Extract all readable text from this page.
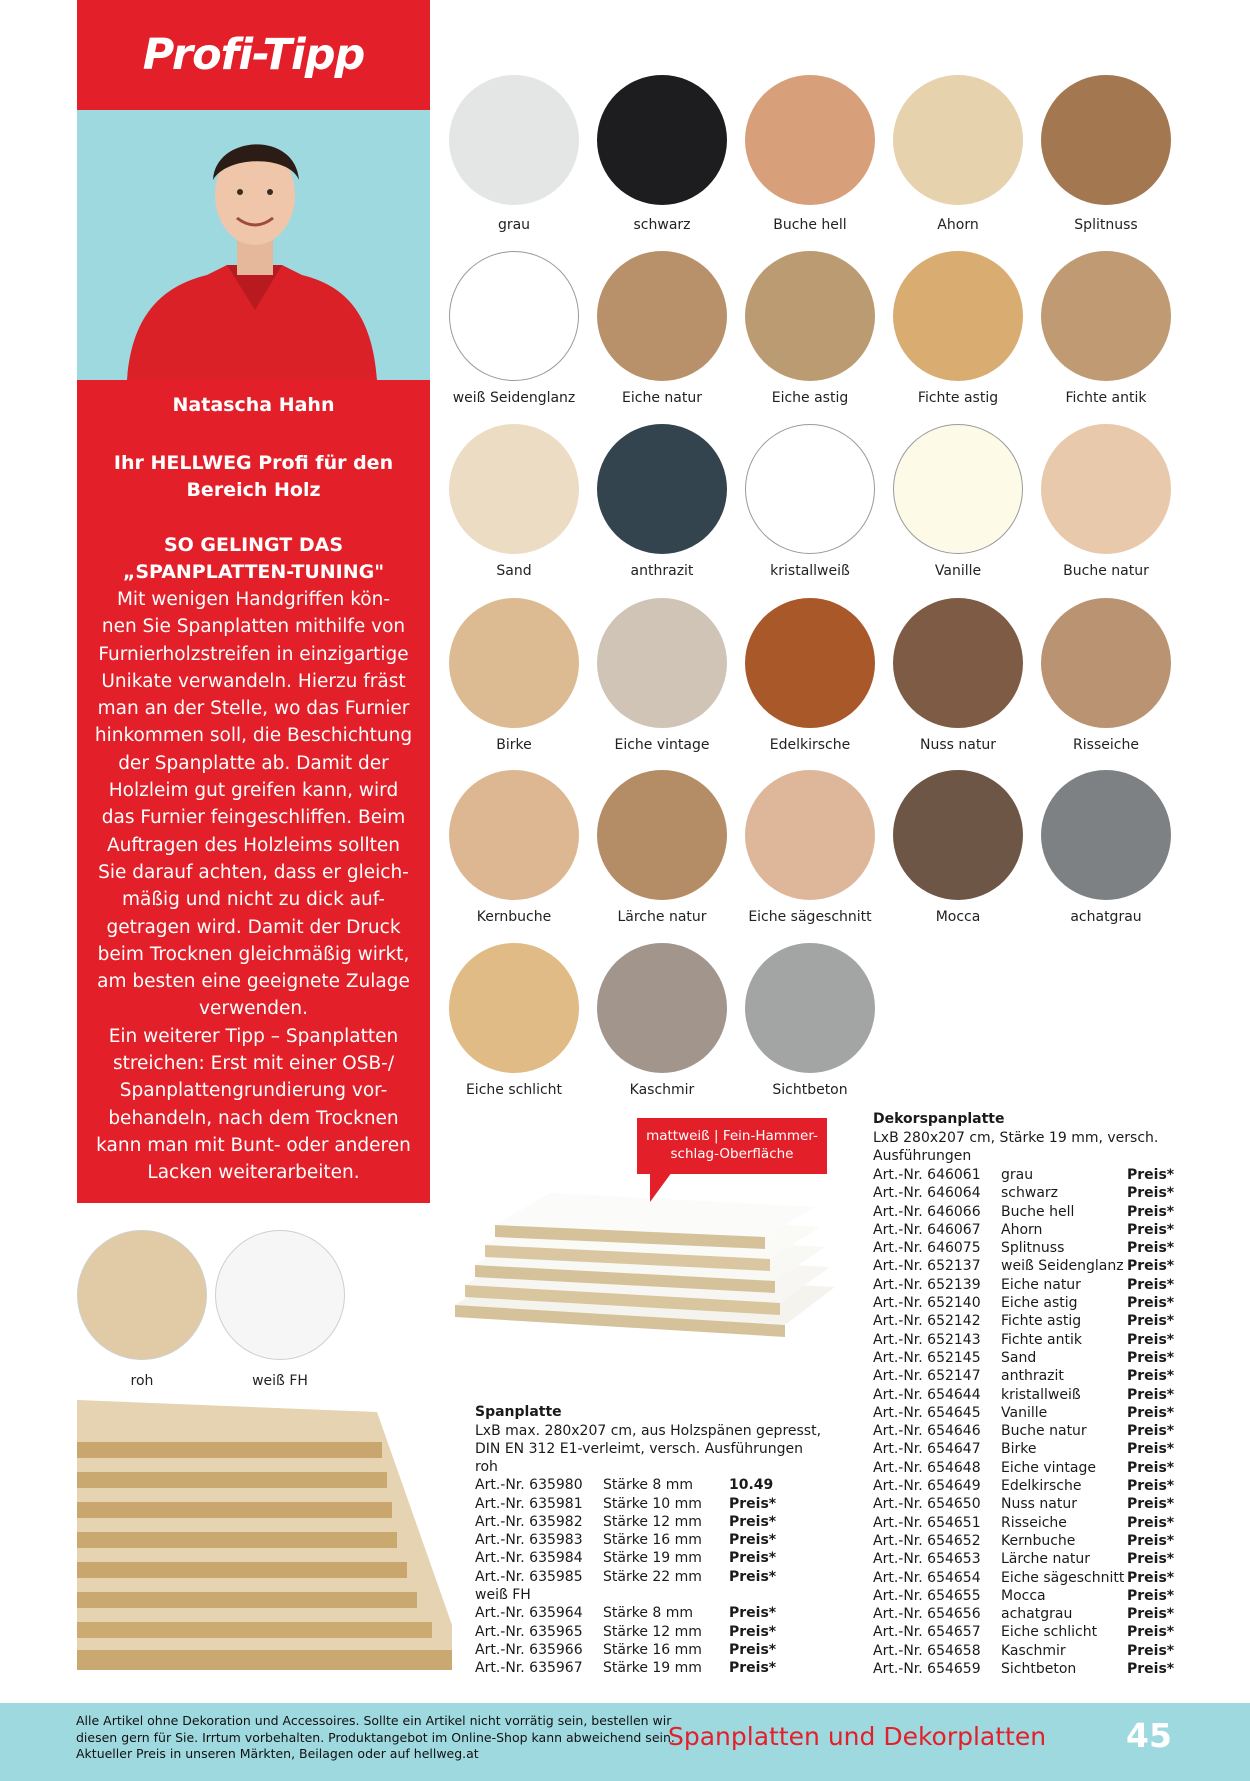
Profi-Tipp
Natascha Hahn
Ihr HELLWEG Profi für den
Bereich Holz
SO GELINGT DAS
„SPANPLATTEN-TUNING"
Mit wenigen Handgriffen kön-
nen Sie Spanplatten mithilfe von
Furnierholzstreifen in einzigartige
Unikate verwandeln. Hierzu fräst
man an der Stelle, wo das Furnier
hinkommen soll, die Beschichtung
der Spanplatte ab. Damit der
Holzleim gut greifen kann, wird
das Furnier feingeschliffen. Beim
Auftragen des Holzleims sollten
Sie darauf achten, dass er gleich-
mäßig und nicht zu dick auf-
getragen wird. Damit der Druck
beim Trocknen gleichmäßig wirkt,
am besten eine geeignete Zulage
verwenden.
Ein weiterer Tipp – Spanplatten
streichen: Erst mit einer OSB-/
Spanplattengrundierung vor-
behandeln, nach dem Trocknen
kann man mit Bunt- oder anderen
Lacken weiterarbeiten.
grau	schwarz	Buche hell	Ahorn	Splitnuss
weiß Seidenglanz	Eiche natur	Eiche astig	Fichte astig	Fichte antik
Sand	anthrazit	kristallweiß	Vanille	Buche natur
Birke	Eiche vintage	Edelkirsche	Nuss natur	Risseiche
Kernbuche	Lärche natur	Eiche sägeschnitt	Mocca	achatgrau
Eiche schlicht	Kaschmir	Sichtbeton
roh	weiß FH
mattweiß | Fein-Hammer-
schlag-Oberfläche
Spanplatte
LxB max. 280x207 cm, aus Holzspänen gepresst,
DIN EN 312 E1-verleimt, versch. Ausführungen
roh
Art.-Nr. 635980 Stärke 8 mm	10.49
Art.-Nr. 635981 Stärke 10 mm Preis*
Art.-Nr. 635982 Stärke 12 mm Preis*
Art.-Nr. 635983 Stärke 16 mm Preis*
Art.-Nr. 635984 Stärke 19 mm Preis*
Art.-Nr. 635985 Stärke 22 mm Preis*
weiß FH
Art.-Nr. 635964 Stärke 8 mm	Preis*
Art.-Nr. 635965 Stärke 12 mm Preis*
Art.-Nr. 635966 Stärke 16 mm Preis*
Art.-Nr. 635967 Stärke 19 mm Preis*
Dekorspanplatte
LxB 280x207 cm, Stärke 19 mm, versch.
Ausführungen
Art.-Nr. 646061 grau	Preis*
Art.-Nr. 646064 schwarz	Preis*
Art.-Nr. 646066 Buche hell	Preis*
Art.-Nr. 646067 Ahorn	Preis*
Art.-Nr. 646075 Splitnuss	Preis*
Art.-Nr. 652137 weiß Seidenglanz Preis*
Art.-Nr. 652139 Eiche natur	Preis*
Art.-Nr. 652140 Eiche astig	Preis*
Art.-Nr. 652142 Fichte astig	Preis*
Art.-Nr. 652143 Fichte antik	Preis*
Art.-Nr. 652145 Sand	Preis*
Art.-Nr. 652147 anthrazit	Preis*
Art.-Nr. 654644 kristallweiß	Preis*
Art.-Nr. 654645 Vanille	Preis*
Art.-Nr. 654646 Buche natur	Preis*
Art.-Nr. 654647 Birke	Preis*
Art.-Nr. 654648 Eiche vintage Preis*
Art.-Nr. 654649 Edelkirsche	Preis*
Art.-Nr. 654650 Nuss natur	Preis*
Art.-Nr. 654651 Risseiche	Preis*
Art.-Nr. 654652 Kernbuche	Preis*
Art.-Nr. 654653 Lärche natur	Preis*
Art.-Nr. 654654 Eiche sägeschnitt Preis*
Art.-Nr. 654655 Mocca	Preis*
Art.-Nr. 654656 achatgrau	Preis*
Art.-Nr. 654657 Eiche schlicht Preis*
Art.-Nr. 654658 Kaschmir	Preis*
Art.-Nr. 654659 Sichtbeton	Preis*
Alle Artikel ohne Dekoration und Accessoires. Sollte ein Artikel nicht vorrätig sein, bestellen wir
diesen gern für Sie. Irrtum vorbehalten. Produktangebot im Online-Shop kann abweichend sein.
Aktueller Preis in unseren Märkten, Beilagen oder auf hellweg.at
Spanplatten und Dekorplatten 45
